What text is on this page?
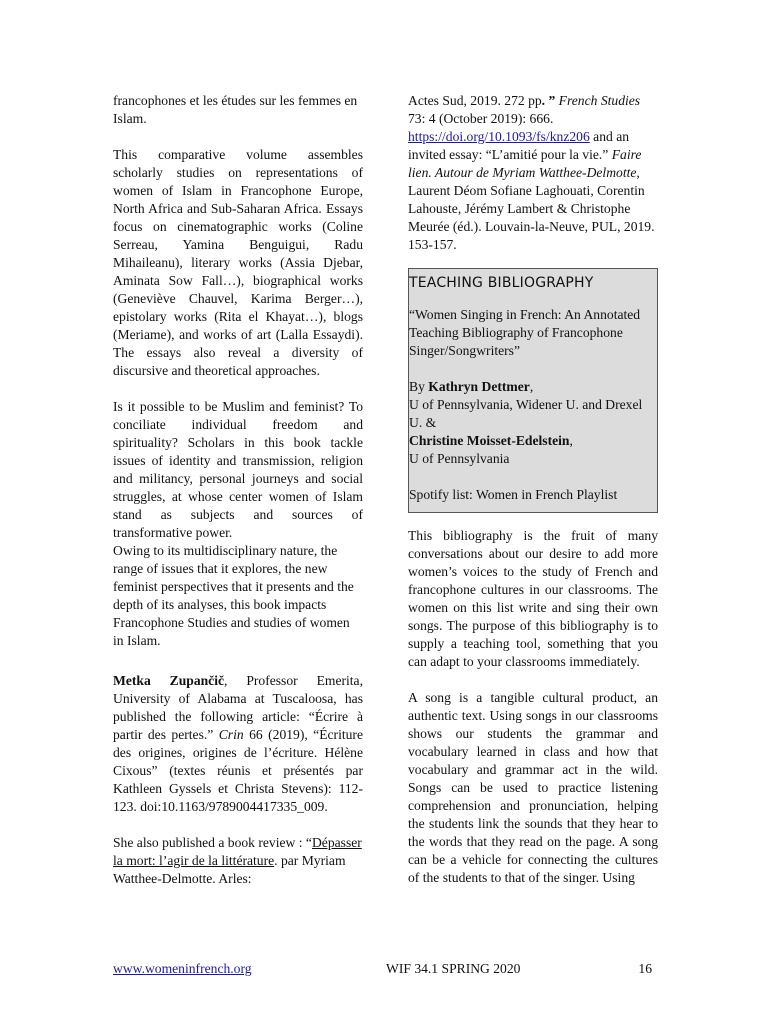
francophones et les études sur les femmes en Islam.

This comparative volume assembles scholarly studies on representations of women of Islam in Francophone Europe, North Africa and Sub-Saharan Africa. Essays focus on cinematographic works (Coline Serreau, Yamina Benguigui, Radu Mihaileanu), literary works (Assia Djebar, Aminata Sow Fall…), biographical works (Geneviève Chauvel, Karima Berger…), epistolary works (Rita el Khayat…), blogs (Meriame), and works of art (Lalla Essaydi). The essays also reveal a diversity of discursive and theoretical approaches.

Is it possible to be Muslim and feminist? To conciliate individual freedom and spirituality? Scholars in this book tackle issues of identity and transmission, religion and militancy, personal journeys and social struggles, at whose center women of Islam stand as subjects and sources of transformative power.

Owing to its multidisciplinary nature, the range of issues that it explores, the new feminist perspectives that it presents and the depth of its analyses, this book impacts Francophone Studies and studies of women in Islam.

Metka Zupančič, Professor Emerita, University of Alabama at Tuscaloosa, has published the following article: “Écrire à partir des pertes.” Crin 66 (2019), “Écriture des origines, origines de l’écriture. Hélène Cixous” (textes réunis et présentés par Kathleen Gyssels et Christa Stevens): 112-123. doi:10.1163/9789004417335_009.

She also published a book review : “Dépasser la mort: l’agir de la littérature. par Myriam Watthee-Delmotte. Arles:

Actes Sud, 2019. 272 pp. ” French Studies 73: 4 (October 2019): 666.
https://doi.org/10.1093/fs/knz206 and an invited essay: “L’amitié pour la vie.” Faire lien. Autour de Myriam Watthee-Delmotte, Laurent Déom Sofiane Laghouati, Corentin Lahouste, Jérémy Lambert & Christophe Meurée (éd.). Louvain-la-Neuve, PUL, 2019. 153-157.

TEACHING BIBLIOGRAPHY

“Women Singing in French: An Annotated Teaching Bibliography of Francophone Singer/Songwriters”

By Kathryn Dettmer,
U of Pennsylvania, Widener U. and Drexel U. &
Christine Moisset-Edelstein,
U of Pennsylvania

Spotify list: Women in French Playlist

This bibliography is the fruit of many conversations about our desire to add more women’s voices to the study of French and francophone cultures in our classrooms. The women on this list write and sing their own songs. The purpose of this bibliography is to supply a teaching tool, something that you can adapt to your classrooms immediately.

A song is a tangible cultural product, an authentic text. Using songs in our classrooms shows our students the grammar and vocabulary learned in class and how that vocabulary and grammar act in the wild. Songs can be used to practice listening comprehension and pronunciation, helping the students link the sounds that they hear to the words that they read on the page. A song can be a vehicle for connecting the cultures of the students to that of the singer. Using

www.womeninfrench.org	WIF 34.1 SPRING 2020	16
